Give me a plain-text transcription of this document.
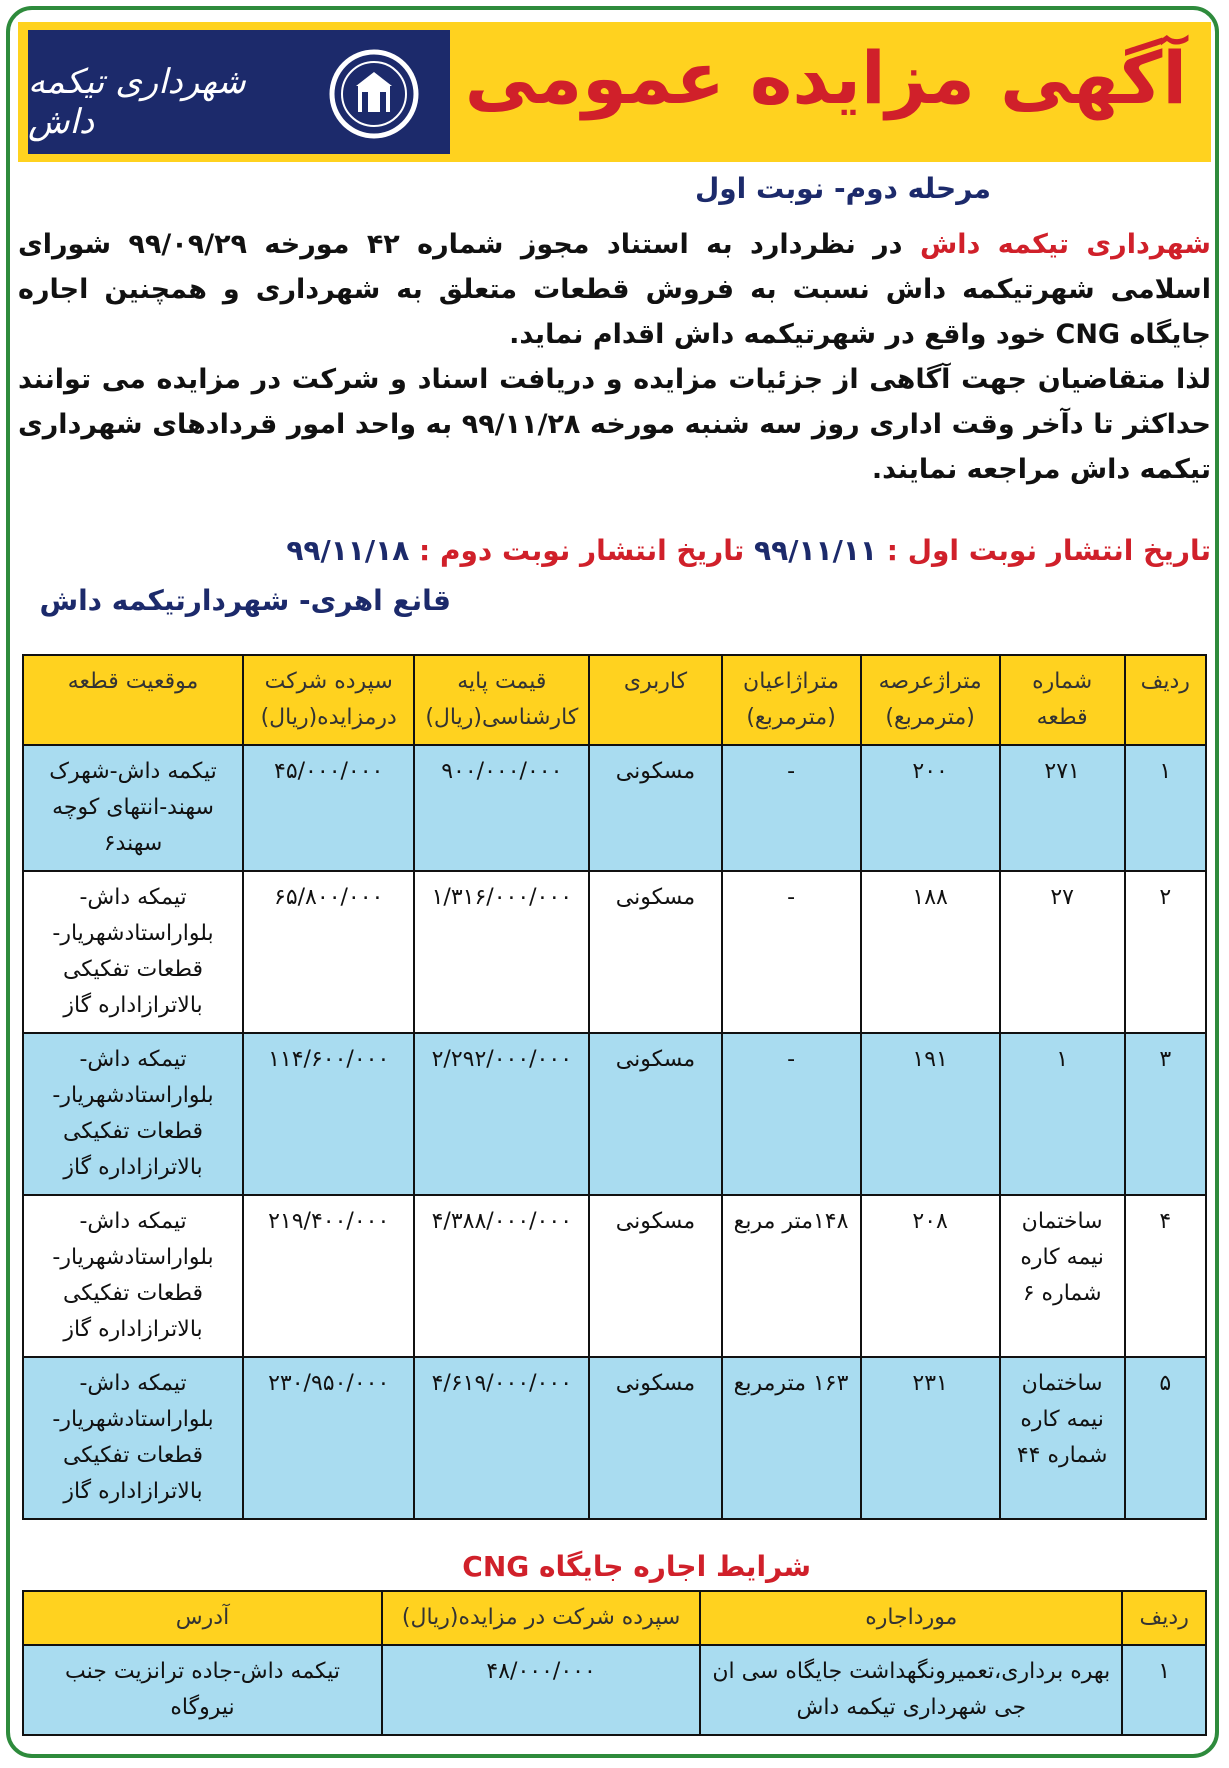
شهرداری تیکمه داش
آگهی مزایده عمومی
مرحله دوم- نوبت اول
شهرداری تیکمه داش در نظردارد به استناد مجوز شماره ۴۲ مورخه ۹۹/۰۹/۲۹ شورای اسلامی شهرتیکمه داش نسبت به فروش قطعات متعلق به شهرداری و همچنین اجاره جایگاه CNG خود واقع در شهرتیکمه داش اقدام نماید.
لذا متقاضیان جهت آگاهی از جزئیات مزایده و دریافت اسناد و شرکت در مزایده می توانند حداکثر تا دآخر وقت اداری روز سه شنبه مورخه ۹۹/۱۱/۲۸ به واحد امور قردادهای شهرداری تیکمه داش مراجعه نمایند.
تاریخ انتشار نوبت اول : ۹۹/۱۱/۱۱ تاریخ انتشار نوبت دوم : ۹۹/۱۱/۱۸
قانع اهری- شهردارتیکمه داش
ردیف	شماره قطعه	متراژعرصه (مترمربع)	متراژاعیان (مترمربع)	کاربری	قیمت پایه کارشناسی(ریال)	سپرده شرکت درمزایده(ریال)	موقعیت قطعه
۱	۲۷۱	۲۰۰	-	مسکونی	۹۰۰/۰۰۰/۰۰۰	۴۵/۰۰۰/۰۰۰	تیکمه داش-شهرک سهند-انتهای کوچه سهند۶
۲	۲۷	۱۸۸	-	مسکونی	۱/۳۱۶/۰۰۰/۰۰۰	۶۵/۸۰۰/۰۰۰	تیمکه داش- بلواراستادشهریار- قطعات تفکیکی بالاترازاداره گاز
۳	۱	۱۹۱	-	مسکونی	۲/۲۹۲/۰۰۰/۰۰۰	۱۱۴/۶۰۰/۰۰۰	تیمکه داش- بلواراستادشهریار- قطعات تفکیکی بالاترازاداره گاز
۴	ساختمان نیمه کاره شماره ۶	۲۰۸	۱۴۸متر مربع	مسکونی	۴/۳۸۸/۰۰۰/۰۰۰	۲۱۹/۴۰۰/۰۰۰	تیمکه داش- بلواراستادشهریار- قطعات تفکیکی بالاترازاداره گاز
۵	ساختمان نیمه کاره شماره ۴۴	۲۳۱	۱۶۳ مترمربع	مسکونی	۴/۶۱۹/۰۰۰/۰۰۰	۲۳۰/۹۵۰/۰۰۰	تیمکه داش- بلواراستادشهریار- قطعات تفکیکی بالاترازاداره گاز
شرایط اجاره جایگاه CNG
ردیف	مورداجاره	سپرده شرکت در مزایده(ریال)	آدرس
۱	بهره برداری،تعمیرونگهداشت جایگاه سی ان جی شهرداری تیکمه داش	۴۸/۰۰۰/۰۰۰	تیکمه داش-جاده ترانزیت جنب نیروگاه
